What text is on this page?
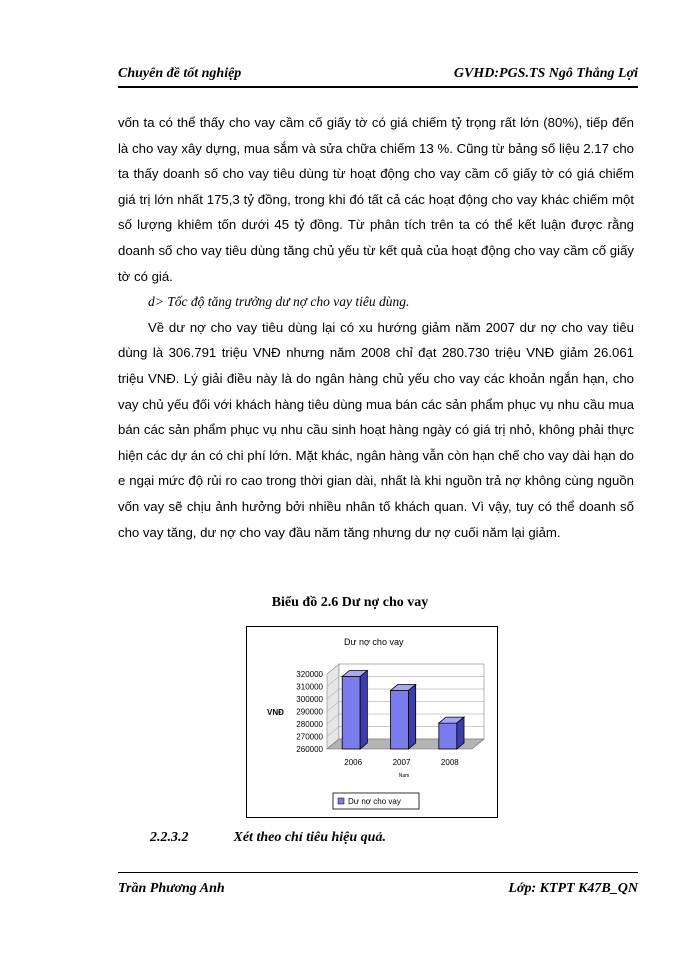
Chuyên đề tốt nghiệp	GVHD:PGS.TS Ngô Thắng Lợi

vốn ta có thể thấy cho vay cầm cố giấy tờ có giá chiếm tỷ trọng rất lớn (80%), tiếp đến là cho vay xây dựng, mua sắm và sửa chữa chiếm 13 %. Cũng từ bảng số liệu 2.17 cho ta thấy doanh số cho vay tiêu dùng từ hoạt động cho vay cầm cố giấy tờ có giá chiếm giá trị lớn nhất 175,3 tỷ đồng, trong khi đó tất cả các hoạt động cho vay khác chiếm một số lượng khiêm tốn dưới 45 tỷ đồng. Từ phân tích trên ta có thể kết luận được rằng doanh số cho vay tiêu dùng tăng chủ yếu từ kết quả của hoạt động cho vay cầm cố giấy tờ có giá.

d> Tốc độ tăng trưởng dư nợ cho vay tiêu dùng.

Về dư nợ cho vay tiêu dùng lại có xu hướng giảm năm 2007 dư nợ cho vay tiêu dùng là 306.791 triệu VNĐ nhưng năm 2008 chỉ đạt 280.730 triệu VNĐ giảm 26.061 triệu VNĐ. Lý giải điều này là do ngân hàng chủ yếu cho vay các khoản ngắn hạn, cho vay chủ yếu đối với khách hàng tiêu dùng mua bán các sản phẩm phục vụ nhu cầu mua bán các sản phẩm phục vụ nhu cầu sinh hoạt hàng ngày có giá trị nhỏ, không phải thực hiện các dự án có chi phí lớn. Mặt khác, ngân hàng vẫn còn hạn chế cho vay dài hạn do e ngại mức độ rủi ro cao trong thời gian dài, nhất là khi nguồn trả nợ không cùng nguồn vốn vay sẽ chịu ảnh hưởng bởi nhiều nhân tố khách quan. Vì vậy, tuy có thể doanh số cho vay tăng, dư nợ cho vay đầu năm tăng nhưng dư nợ cuối năm lại giảm.

Biểu đồ 2.6 Dư nợ cho vay
Dư nợ cho vay
320000
310000
300000
290000
280000
270000
260000
VNĐ
2006	2007	2008
Nam
Dư nợ cho vay
2.2.3.2	Xét theo chỉ tiêu hiệu quả.
Trần Phương Anh	Lớp: KTPT K47B_QN
